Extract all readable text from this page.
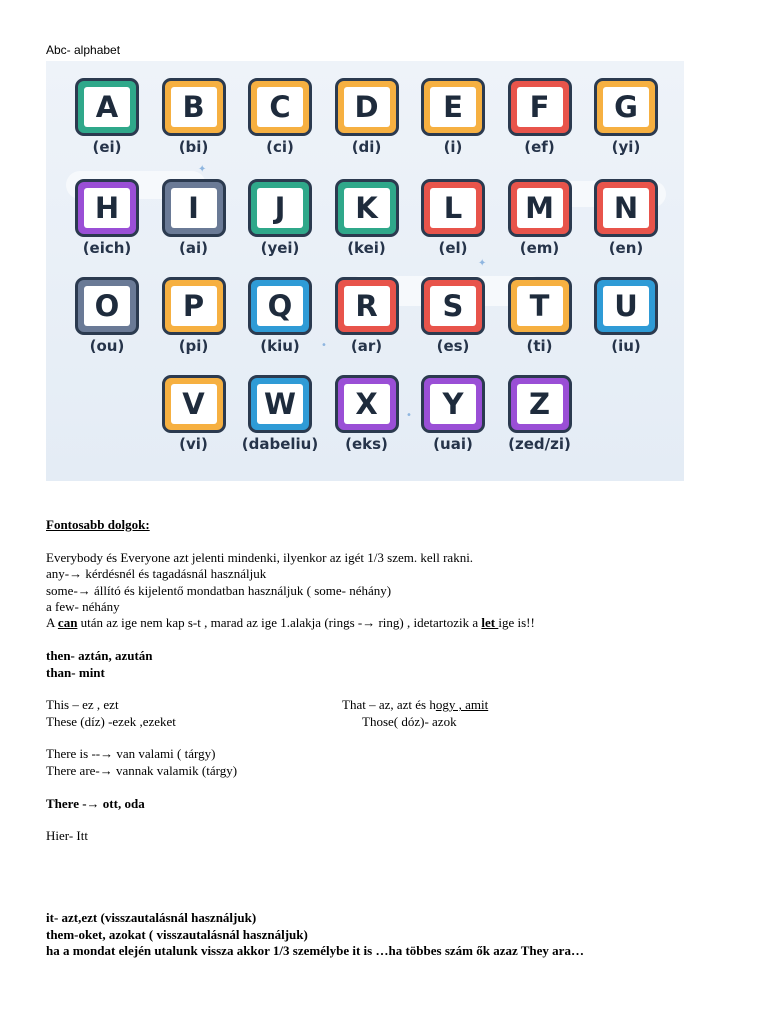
Abc- alphabet
✦
✦
•
•
A
(ei)
B
(bi)
C
(ci)
D
(di)
E
(i)
F
(ef)
G
(yi)
H
(eich)
I
(ai)
J
(yei)
K
(kei)
L
(el)
M
(em)
N
(en)
O
(ou)
P
(pi)
Q
(kiu)
R
(ar)
S
(es)
T
(ti)
U
(iu)
V
(vi)
W
(dabeliu)
X
(eks)
Y
(uai)
Z
(zed/zi)
Fontosabb dolgok:
Everybody és Everyone azt jelenti mindenki, ilyenkor az igét 1/3 szem. kell rakni.
any-→ kérdésnél és tagadásnál használjuk
some-→ állító és kijelentő mondatban használjuk ( some- néhány)
a few- néhány
A can után az ige nem kap s-t , marad az ige 1.alakja (rings -→ ring) , idetartozik a let ige is!!
then- aztán, azután
than- mint
This – ez , ezt	That – az, azt és hogy , amit
These (díz) -ezek ,ezeket	Those( dóz)- azok
There is --→ van valami ( tárgy)
There are-→ vannak valamik (tárgy)
There -→ ott, oda
Hier- Itt
it- azt,ezt (visszautalásnál használjuk)
them-oket, azokat ( visszautalásnál használjuk)
ha a mondat elején utalunk vissza akkor 1/3 személybe it is …ha többes szám ők azaz They ara…
